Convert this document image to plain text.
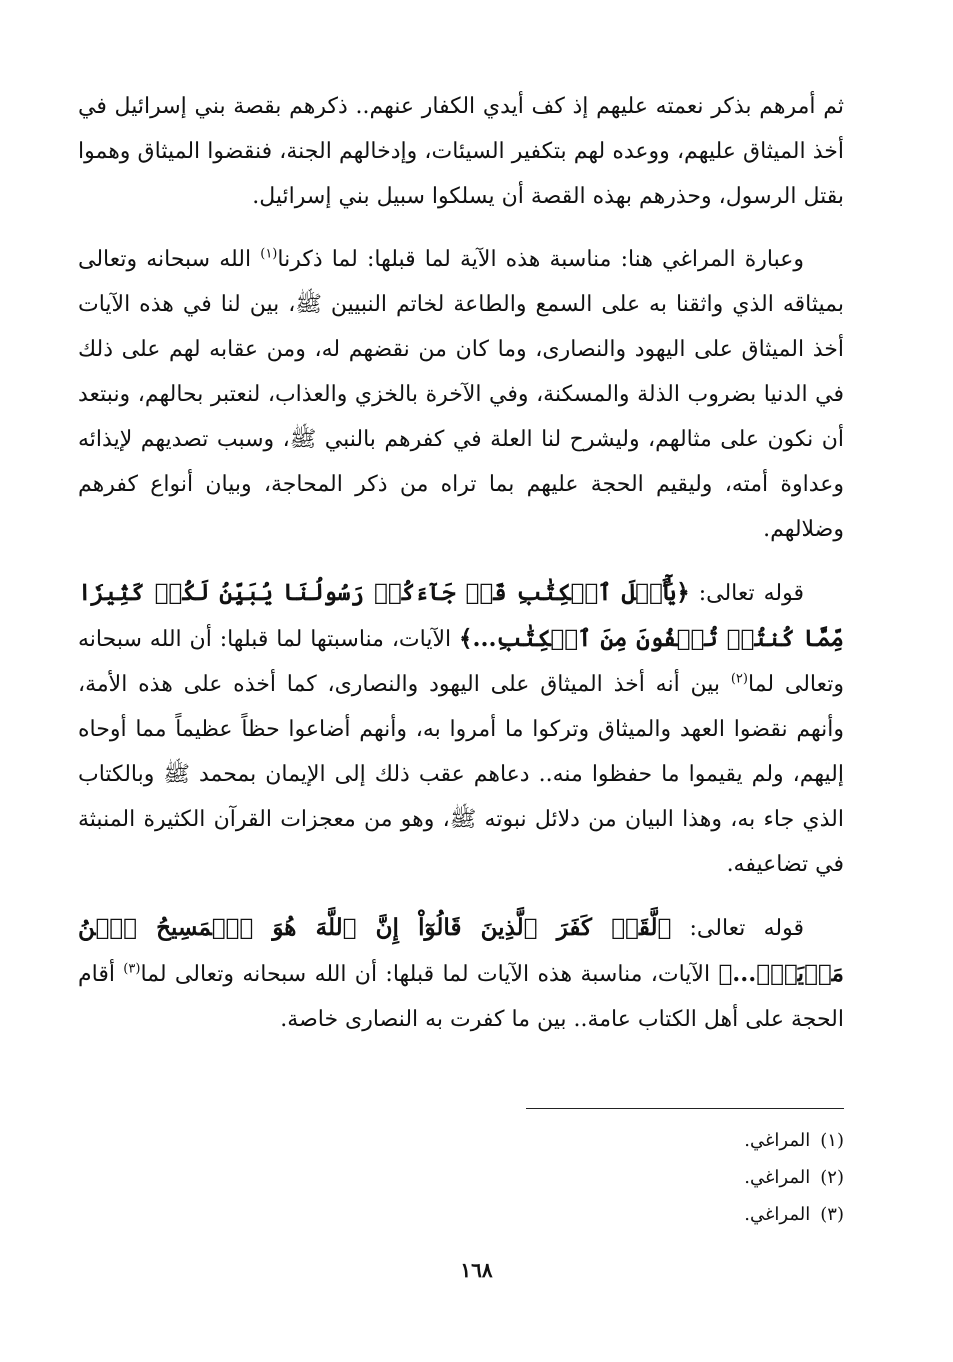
ثم أمرهم بذكر نعمته عليهم إذ كف أيدي الكفار عنهم.. ذكرهم بقصة بني إسرائيل في أخذ الميثاق عليهم، ووعده لهم بتكفير السيئات، وإدخالهم الجنة، فنقضوا الميثاق وهموا بقتل الرسول، وحذرهم بهذه القصة أن يسلكوا سبيل بني إسرائيل.

وعبارة المراغي هنا: مناسبة هذه الآية لما قبلها: لما ذكرنا$^{(١)}$ الله سبحانه وتعالى بميثاقه الذي واثقنا به على السمع والطاعة لخاتم النبيين ﷺ، بين لنا في هذه الآيات أخذ الميثاق على اليهود والنصارى، وما كان من نقضهم له، ومن عقابه لهم على ذلك في الدنيا بضروب الذلة والمسكنة، وفي الآخرة بالخزي والعذاب، لنعتبر بحالهم، ونبتعد أن نكون على مثالهم، وليشرح لنا العلة في كفرهم بالنبي ﷺ، وسبب تصديهم لإيذائه وعداوة أمته، وليقيم الحجة عليهم بما تراه من ذكر المحاجة، وبيان أنواع كفرهم وضلالهم.

قوله تعالى: ﴿يَٰٓأَهۡلَ ٱلۡكِتَٰبِ قَدۡ جَآءَكُمۡ رَسُولُنَا يُبَيِّنُ لَكُمۡ كَثِيرٗا مِّمَّا كُنتُمۡ تُخۡفُونَ مِنَ ٱلۡكِتَٰبِ...﴾ الآيات، مناسبتها لما قبلها: أن الله سبحانه وتعالى لما$^{(٢)}$ بين أنه أخذ الميثاق على اليهود والنصارى، كما أخذه على هذه الأمة، وأنهم نقضوا العهد والميثاق وتركوا ما أمروا به، وأنهم أضاعوا حظاً عظيماً مما أوحاه إليهم، ولم يقيموا ما حفظوا منه.. دعاهم عقب ذلك إلى الإيمان بمحمد ﷺ وبالكتاب الذي جاء به، وهذا البيان من دلائل نبوته ﷺ، وهو من معجزات القرآن الكثيرة المنبثة في تضاعيفه.

قوله تعالى: ﴿لَّقَدۡ كَفَرَ ٱلَّذِينَ قَالُوٓاْ إِنَّ ٱللَّهَ هُوَ ٱلۡمَسِيحُ ٱبۡنُ مَرۡيَمَۚ...﴾ الآيات، مناسبة هذه الآيات لما قبلها: أن الله سبحانه وتعالى لما$^{(٣)}$ أقام الحجة على أهل الكتاب عامة.. بين ما كفرت به النصارى خاصة.

(١)المراغي.
(٢)المراغي.
(٣)المراغي.
١٦٨
